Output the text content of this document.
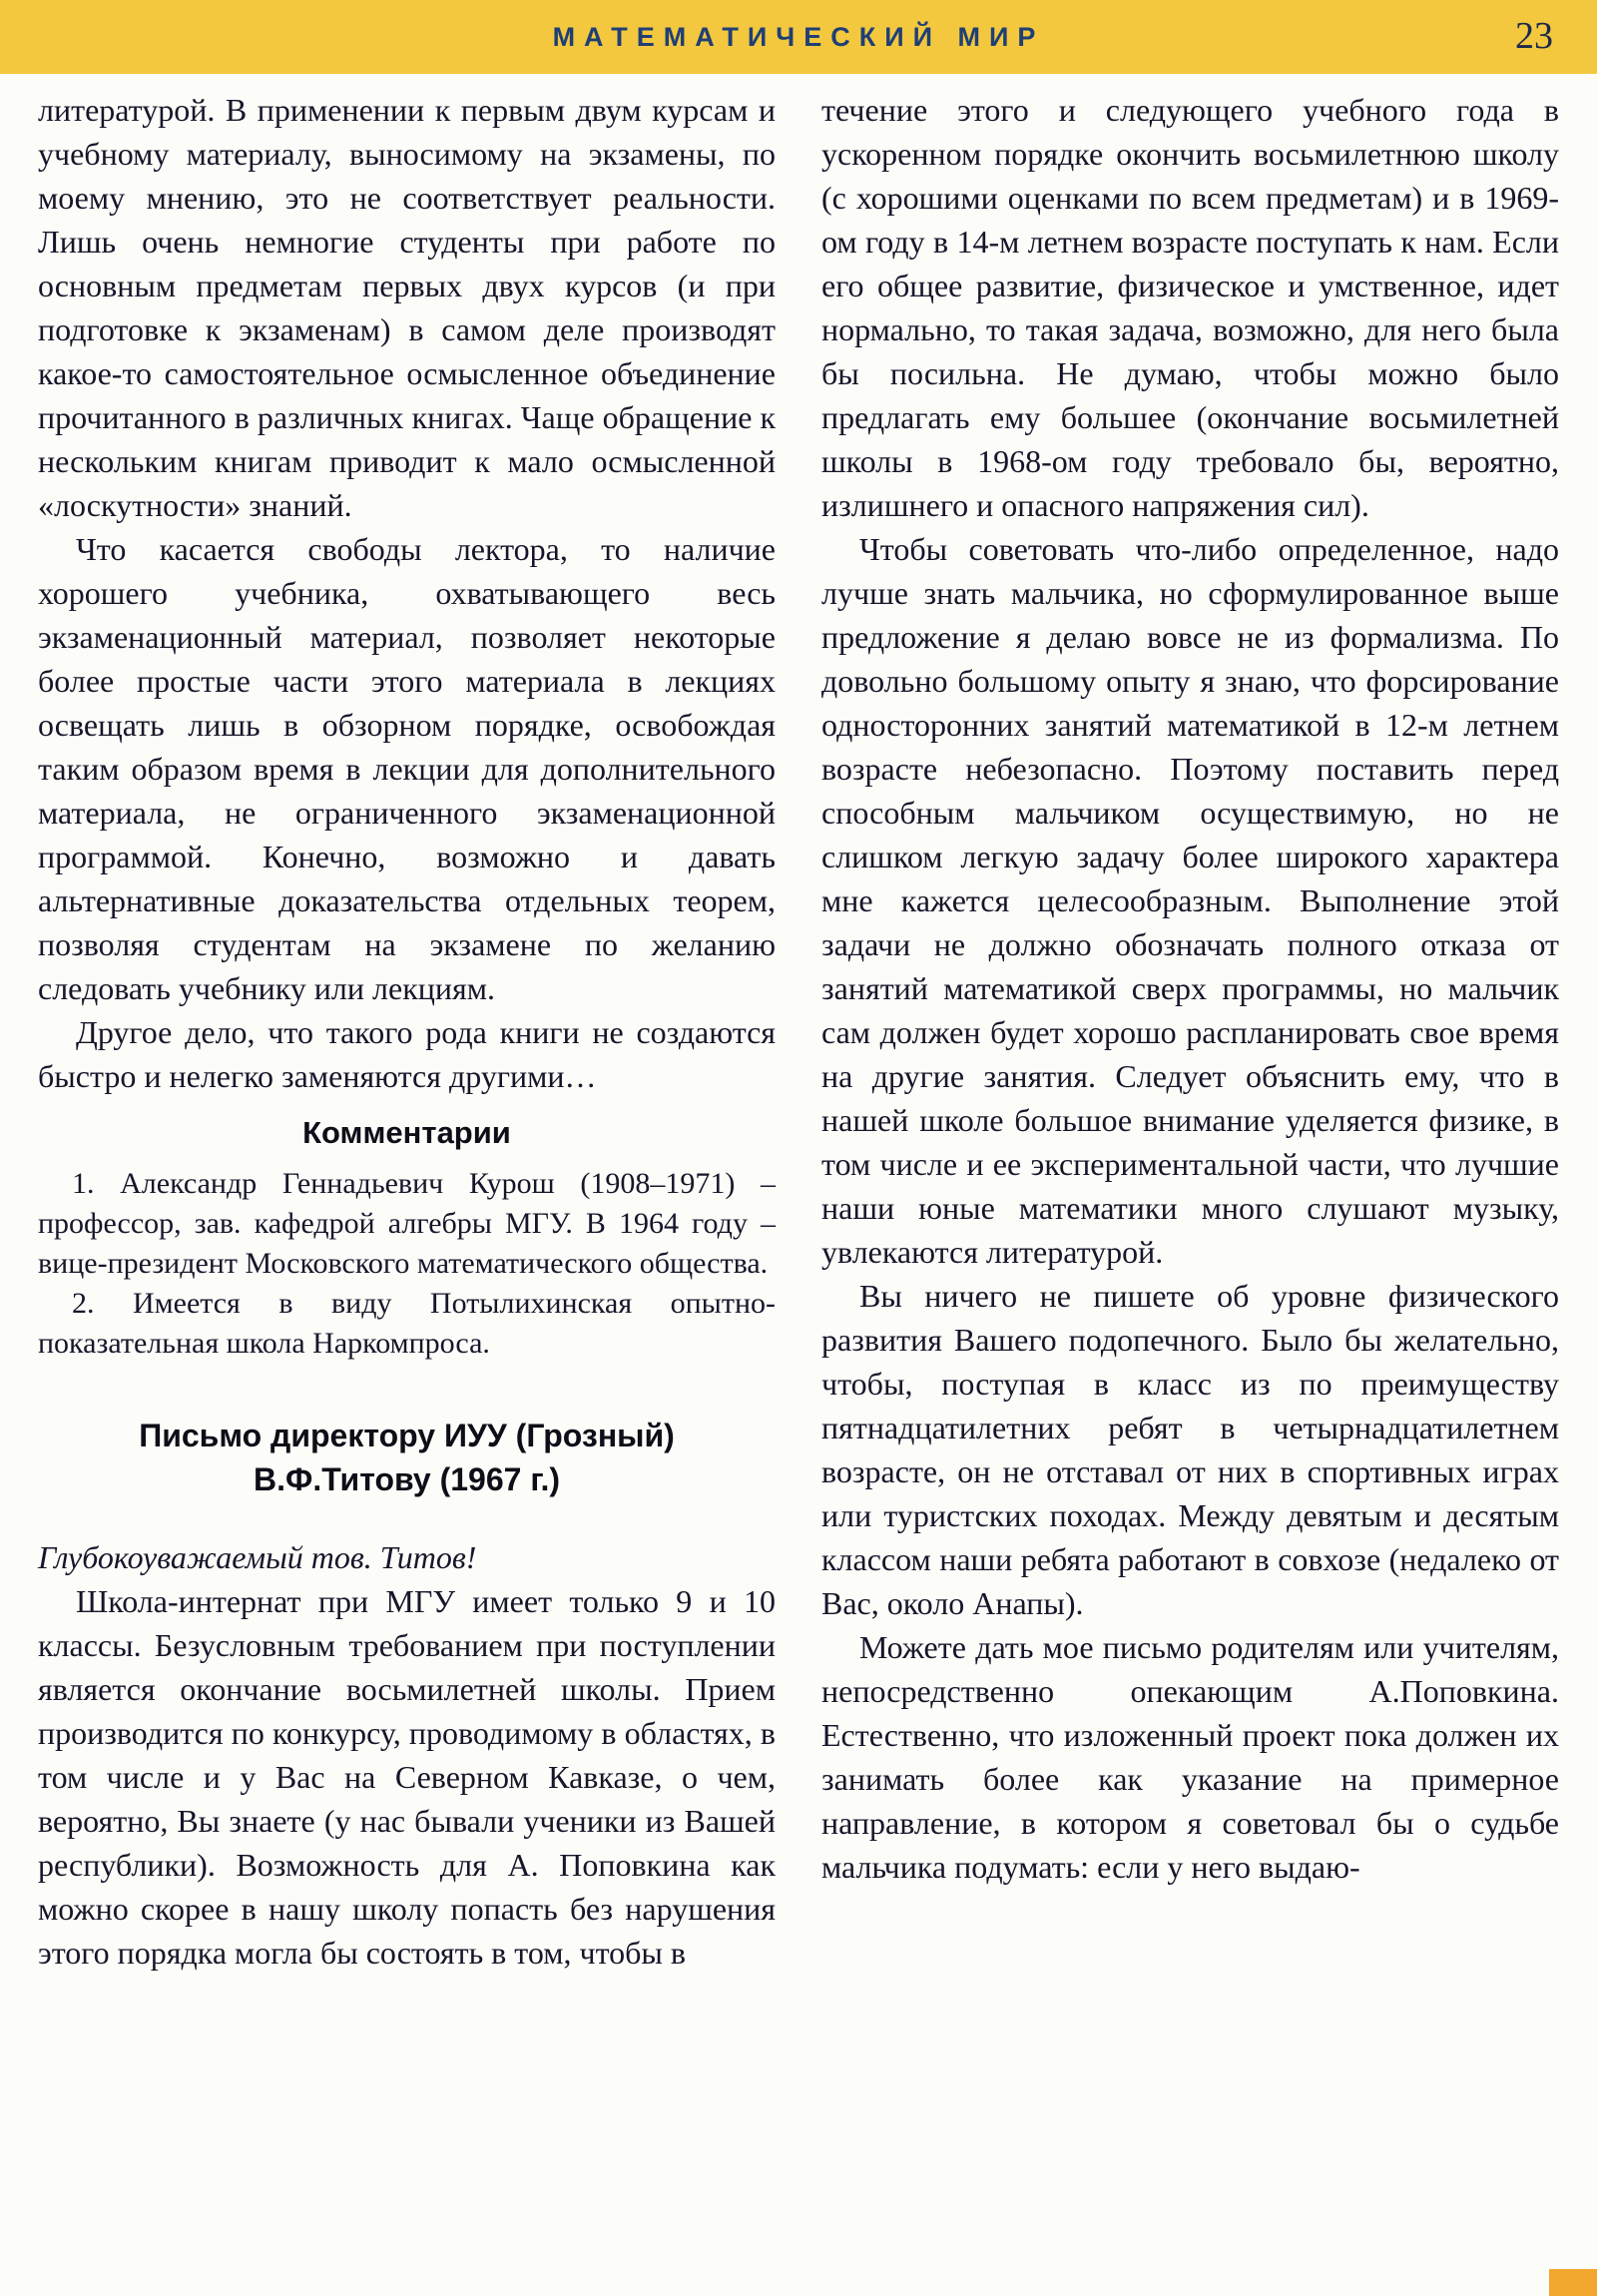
МАТЕМАТИЧЕСКИЙ МИР	23

литературой. В применении к первым двум курсам и учебному материалу, выносимому на экзамены, по моему мнению, это не соответствует реальности. Лишь очень немногие студенты при работе по основным предметам первых двух курсов (и при подготовке к экзаменам) в самом деле производят какое-то самостоятельное осмысленное объединение прочитанного в различных книгах. Чаще обращение к нескольким книгам приводит к мало осмысленной «лоскутности» знаний.

Что касается свободы лектора, то наличие хорошего учебника, охватывающего весь экзаменационный материал, позволяет некоторые более простые части этого материала в лекциях освещать лишь в обзорном порядке, освобождая таким образом время в лекции для дополнительного материала, не ограниченного экзаменационной программой. Конечно, возможно и давать альтернативные доказательства отдельных теорем, позволяя студентам на экзамене по желанию следовать учебнику или лекциям.

Другое дело, что такого рода книги не создаются быстро и нелегко заменяются другими…

Комментарии

1. Александр Геннадьевич Курош (1908–1971) – профессор, зав. кафедрой алгебры МГУ. В 1964 году – вице-президент Московского математического общества.

2. Имеется в виду Потылихинская опытно-показательная школа Наркомпроса.

Письмо директору ИУУ (Грозный)
В.Ф.Титову (1967 г.)

Глубокоуважаемый тов. Титов!

Школа-интернат при МГУ имеет только 9 и 10 классы. Безусловным требованием при поступлении является окончание восьмилетней школы. Прием производится по конкурсу, проводимому в областях, в том числе и у Вас на Северном Кавказе, о чем, вероятно, Вы знаете (у нас бывали ученики из Вашей республики). Возможность для А. Поповкина как можно скорее в нашу школу попасть без нарушения этого порядка могла бы состоять в том, чтобы в

течение этого и следующего учебного года в ускоренном порядке окончить восьмилетнюю школу (с хорошими оценками по всем предметам) и в 1969-ом году в 14-м летнем возрасте поступать к нам. Если его общее развитие, физическое и умственное, идет нормально, то такая задача, возможно, для него была бы посильна. Не думаю, чтобы можно было предлагать ему большее (окончание восьмилетней школы в 1968-ом году требовало бы, вероятно, излишнего и опасного напряжения сил).

Чтобы советовать что-либо определенное, надо лучше знать мальчика, но сформулированное выше предложение я делаю вовсе не из формализма. По довольно большому опыту я знаю, что форсирование односторонних занятий математикой в 12-м летнем возрасте небезопасно. Поэтому поставить перед способным мальчиком осуществимую, но не слишком легкую задачу более широкого характера мне кажется целесообразным. Выполнение этой задачи не должно обозначать полного отказа от занятий математикой сверх программы, но мальчик сам должен будет хорошо распланировать свое время на другие занятия. Следует объяснить ему, что в нашей школе большое внимание уделяется физике, в том числе и ее экспериментальной части, что лучшие наши юные математики много слушают музыку, увлекаются литературой.

Вы ничего не пишете об уровне физического развития Вашего подопечного. Было бы желательно, чтобы, поступая в класс из по преимуществу пятнадцатилетних ребят в четырнадцатилетнем возрасте, он не отставал от них в спортивных играх или туристских походах. Между девятым и десятым классом наши ребята работают в совхозе (недалеко от Вас, около Анапы).

Можете дать мое письмо родителям или учителям, непосредственно опекающим А.Поповкина. Естественно, что изложенный проект пока должен их занимать более как указание на примерное направление, в котором я советовал бы о судьбе мальчика подумать: если у него выдаю-
